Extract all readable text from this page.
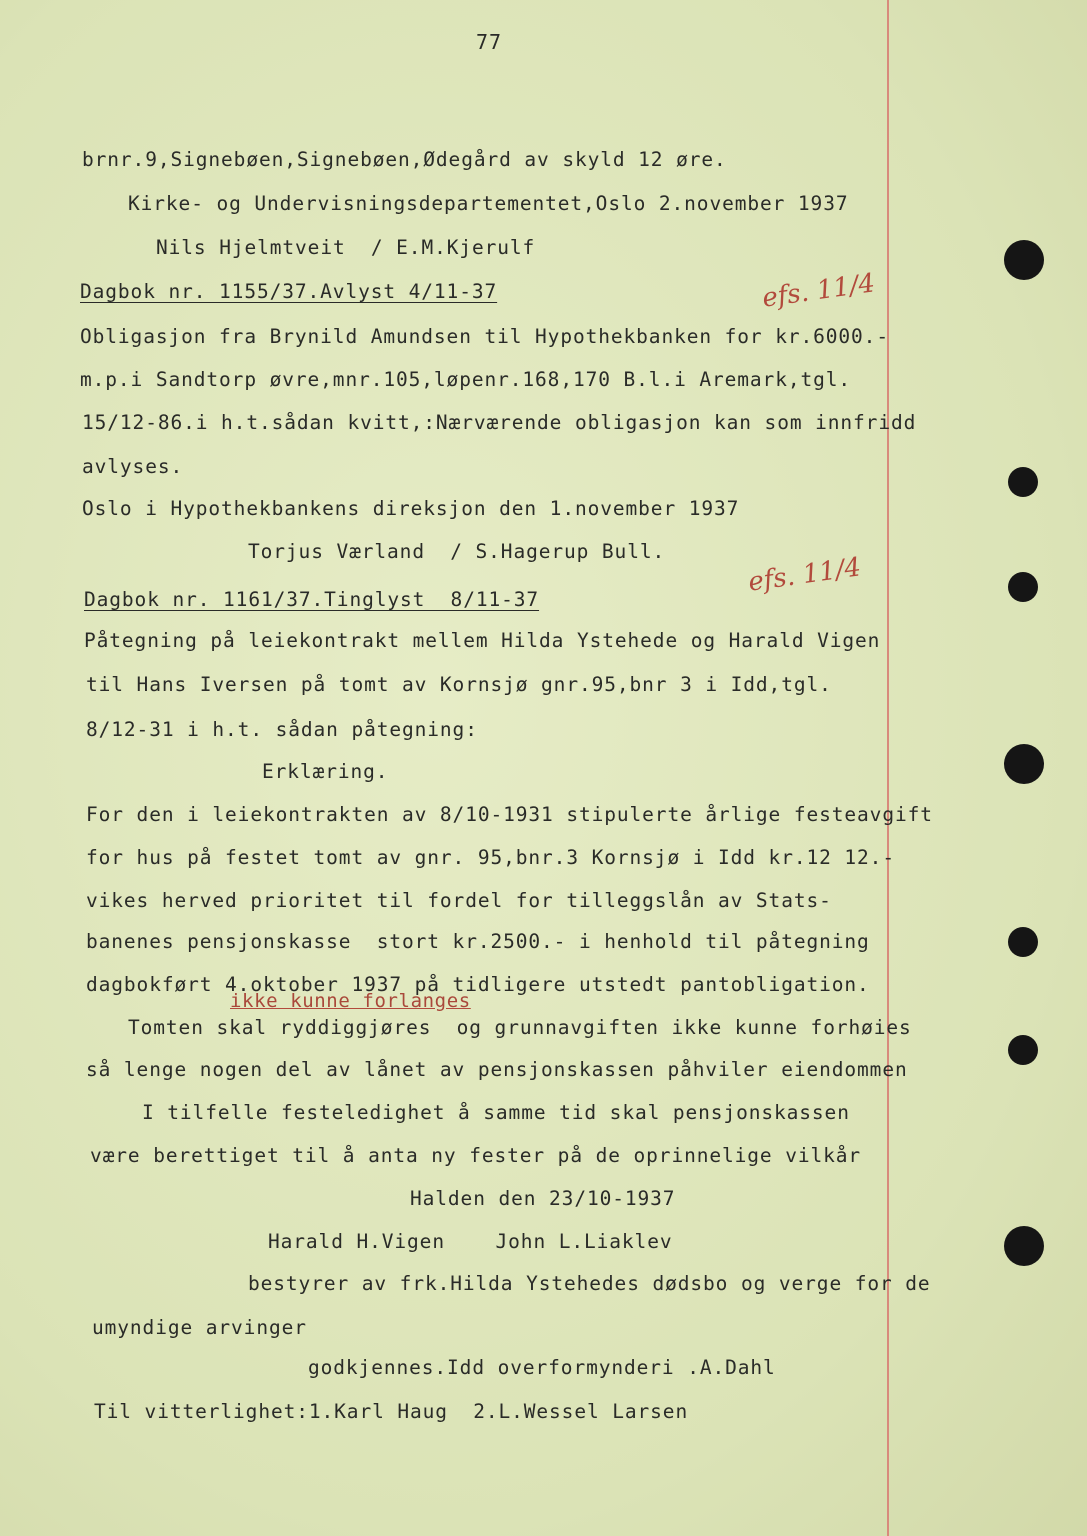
77
brnr.9,Signebøen,Signebøen,Ødegård av skyld 12 øre.
Kirke- og Undervisningsdepartementet,Oslo 2.november 1937
Nils Hjelmtveit  / E.M.Kjerulf
Dagbok nr. 1155/37.Avlyst 4/11-37
Obligasjon fra Brynild Amundsen til Hypothekbanken for kr.6000.-
m.p.i Sandtorp øvre,mnr.105,løpenr.168,170 B.l.i Aremark,tgl.
15/12-86.i h.t.sådan kvitt,:Nærværende obligasjon kan som innfridd
avlyses.
Oslo i Hypothekbankens direksjon den 1.november 1937
Torjus Værland  / S.Hagerup Bull.
Dagbok nr. 1161/37.Tinglyst  8/11-37
Påtegning på leiekontrakt mellem Hilda Ystehede og Harald Vigen
til Hans Iversen på tomt av Kornsjø gnr.95,bnr 3 i Idd,tgl.
8/12-31 i h.t. sådan påtegning:
Erklæring.
For den i leiekontrakten av 8/10-1931 stipulerte årlige festeavgift
for hus på festet tomt av gnr. 95,bnr.3 Kornsjø i Idd kr.12 12.-
vikes herved prioritet til fordel for tilleggslån av Stats-
banenes pensjonskasse  stort kr.2500.- i henhold til påtegning
dagbokført 4.oktober 1937 på tidligere utstedt pantobligation.
Tomten skal ryddiggjøres  og grunnavgiften ikke kunne forhøies
så lenge nogen del av lånet av pensjonskassen påhviler eiendommen
I tilfelle festeledighet å samme tid skal pensjonskassen
være berettiget til å anta ny fester på de oprinnelige vilkår
Halden den 23/10-1937
Harald H.Vigen    John L.Liaklev
bestyrer av frk.Hilda Ystehedes dødsbo og verge for de
umyndige arvinger
godkjennes.Idd overformynderi .A.Dahl
Til vitterlighet:1.Karl Haug  2.L.Wessel Larsen
efs. 11/4
efs. 11/4
ikke kunne forlanges
